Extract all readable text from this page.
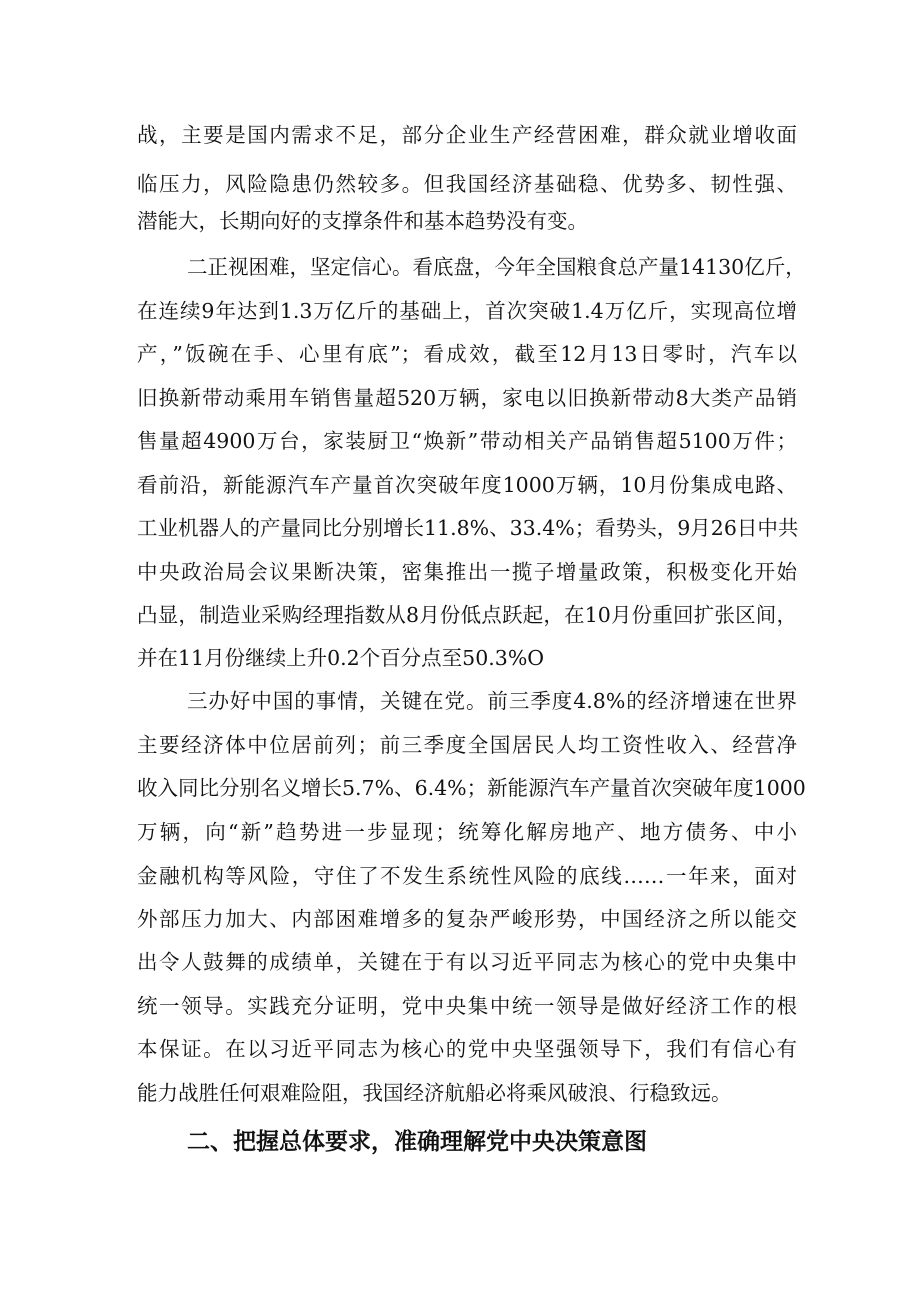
战，主要是国内需求不足，部分企业生产经营困难，群众就业增收面
临压力，风险隐患仍然较多。但我国经济基础稳、优势多、韧性强、
潜能大，长期向好的支撑条件和基本趋势没有变。
二正视困难，坚定信心。看底盘，今年全国粮食总产量14130亿斤，
在连续9年达到1.3万亿斤的基础上，首次突破1.4万亿斤，实现高位增
产，”饭碗在手、心里有底”；看成效，截至12月13日零时，汽车以
旧换新带动乘用车销售量超520万辆，家电以旧换新带动8大类产品销
售量超4900万台，家装厨卫“焕新”带动相关产品销售超5100万件；
看前沿，新能源汽车产量首次突破年度1000万辆，10月份集成电路、
工业机器人的产量同比分别增长11.8%、33.4%；看势头，9月26日中共
中央政治局会议果断决策，密集推出一揽子增量政策，积极变化开始
凸显，制造业采购经理指数从8月份低点跃起，在10月份重回扩张区间，
并在11月份继续上升0.2个百分点至50.3%O
三办好中国的事情，关键在党。前三季度4.8%的经济增速在世界
主要经济体中位居前列；前三季度全国居民人均工资性收入、经营净
收入同比分别名义增长5.7%、6.4%；新能源汽车产量首次突破年度1000
万辆，向“新”趋势进一步显现；统筹化解房地产、地方债务、中小
金融机构等风险，守住了不发生系统性风险的底线……一年来，面对
外部压力加大、内部困难增多的复杂严峻形势，中国经济之所以能交
出令人鼓舞的成绩单，关键在于有以习近平同志为核心的党中央集中
统一领导。实践充分证明，党中央集中统一领导是做好经济工作的根
本保证。在以习近平同志为核心的党中央坚强领导下，我们有信心有
能力战胜任何艰难险阻，我国经济航船必将乘风破浪、行稳致远。
二、把握总体要求，准确理解党中央决策意图
